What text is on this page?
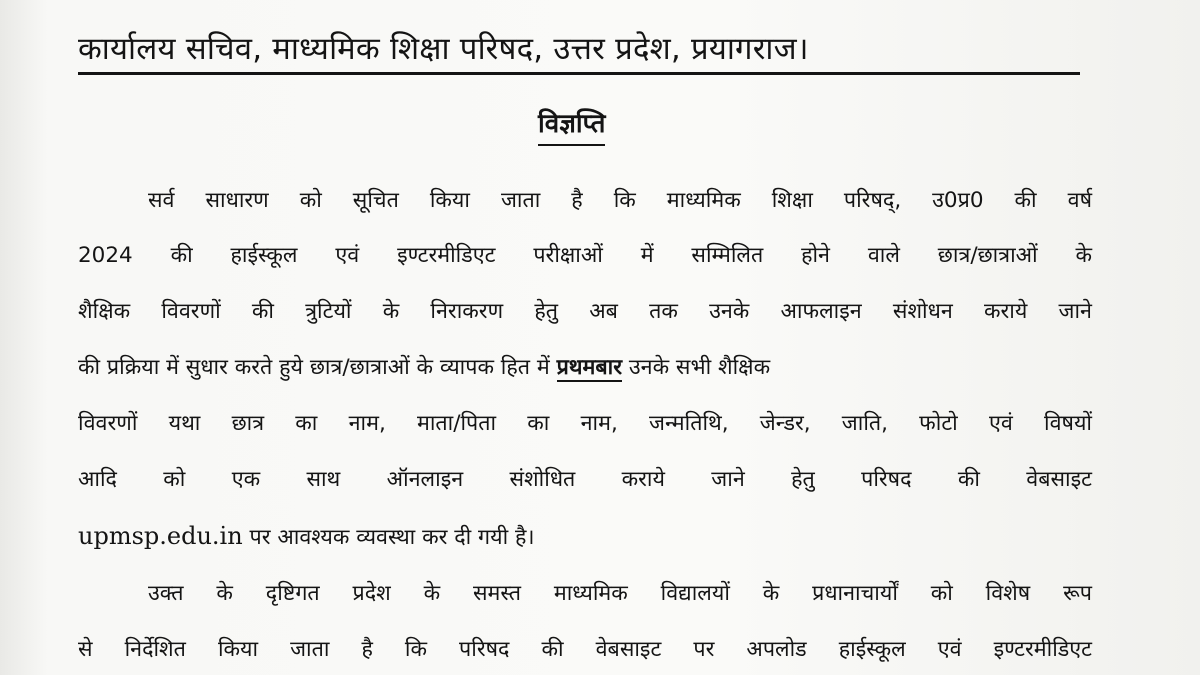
कार्यालय सचिव, माध्यमिक शिक्षा परिषद, उत्तर प्रदेश, प्रयागराज।
विज्ञप्ति
सर्व साधारण को सूचित किया जाता है कि माध्यमिक शिक्षा परिषद्, उ0प्र0 की वर्ष
2024 की हाईस्कूल एवं इण्टरमीडिएट परीक्षाओं में सम्मिलित होने वाले छात्र/छात्राओं के
शैक्षिक विवरणों की त्रुटियों के निराकरण हेतु अब तक उनके आफलाइन संशोधन कराये जाने
की प्रक्रिया में सुधार करते हुये छात्र/छात्राओं के व्यापक हित में प्रथमबार उनके सभी शैक्षिक
विवरणों यथा छात्र का नाम, माता/पिता का नाम, जन्मतिथि, जेन्डर, जाति, फोटो एवं विषयों
आदि को एक साथ ऑनलाइन संशोधित कराये जाने हेतु परिषद की वेबसाइट
upmsp.edu.in पर आवश्यक व्यवस्था कर दी गयी है।
उक्त के दृष्टिगत प्रदेश के समस्त माध्यमिक विद्यालयों के प्रधानाचार्यों को विशेष रूप
से निर्देशित किया जाता है कि परिषद की वेबसाइट पर अपलोड हाईस्कूल एवं इण्टरमीडिएट
